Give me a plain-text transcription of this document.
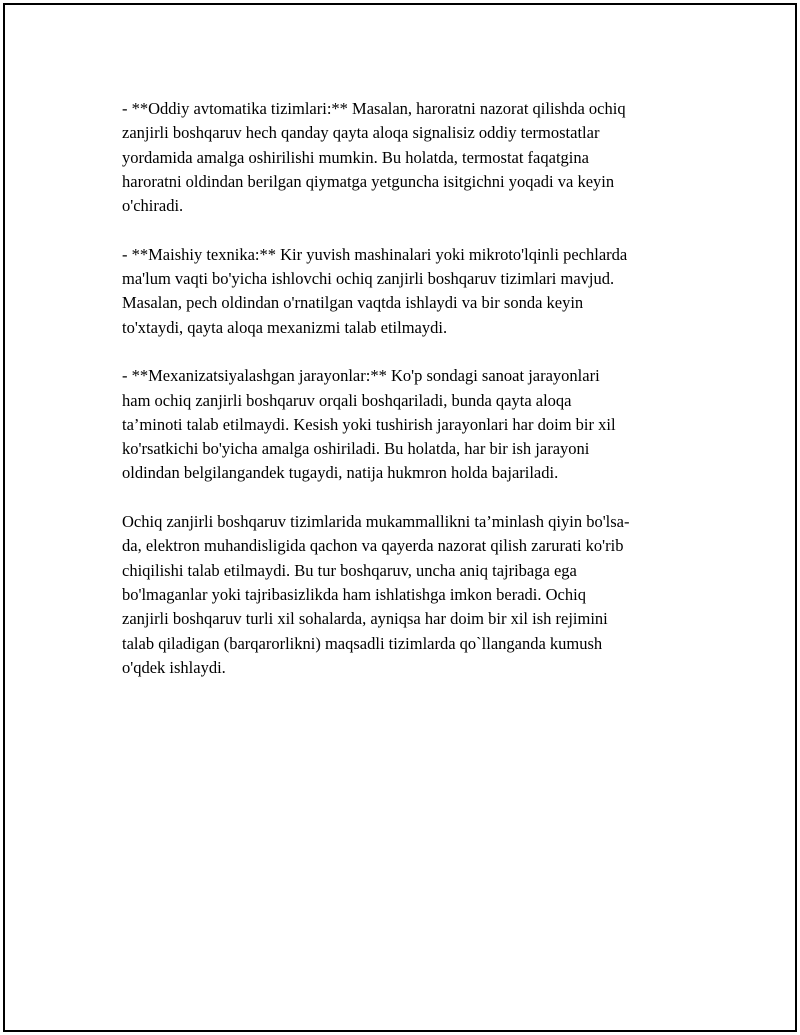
- **Oddiy avtomatika tizimlari:** Masalan, haroratni nazorat qilishda ochiq
zanjirli boshqaruv hech qanday qayta aloqa signalisiz oddiy termostatlar
yordamida amalga oshirilishi mumkin. Bu holatda, termostat faqatgina
haroratni oldindan berilgan qiymatga yetguncha isitgichni yoqadi va keyin
o'chiradi.

- **Maishiy texnika:** Kir yuvish mashinalari yoki mikroto'lqinli pechlarda
ma'lum vaqti bo'yicha ishlovchi ochiq zanjirli boshqaruv tizimlari mavjud.
Masalan, pech oldindan o'rnatilgan vaqtda ishlaydi va bir sonda keyin
to'xtaydi, qayta aloqa mexanizmi talab etilmaydi.

- **Mexanizatsiyalashgan jarayonlar:** Ko'p sondagi sanoat jarayonlari
ham ochiq zanjirli boshqaruv orqali boshqariladi, bunda qayta aloqa
ta’minoti talab etilmaydi. Kesish yoki tushirish jarayonlari har doim bir xil
ko'rsatkichi bo'yicha amalga oshiriladi. Bu holatda, har bir ish jarayoni
oldindan belgilangandek tugaydi, natija hukmron holda bajariladi.

Ochiq zanjirli boshqaruv tizimlarida mukammallikni ta’minlash qiyin bo'lsa-
da, elektron muhandisligida qachon va qayerda nazorat qilish zarurati ko'rib
chiqilishi talab etilmaydi. Bu tur boshqaruv, uncha aniq tajribaga ega
bo'lmaganlar yoki tajribasizlikda ham ishlatishga imkon beradi. Ochiq
zanjirli boshqaruv turli xil sohalarda, ayniqsa har doim bir xil ish rejimini
talab qiladigan (barqarorlikni) maqsadli tizimlarda qo`llanganda kumush
o'qdek ishlaydi.
